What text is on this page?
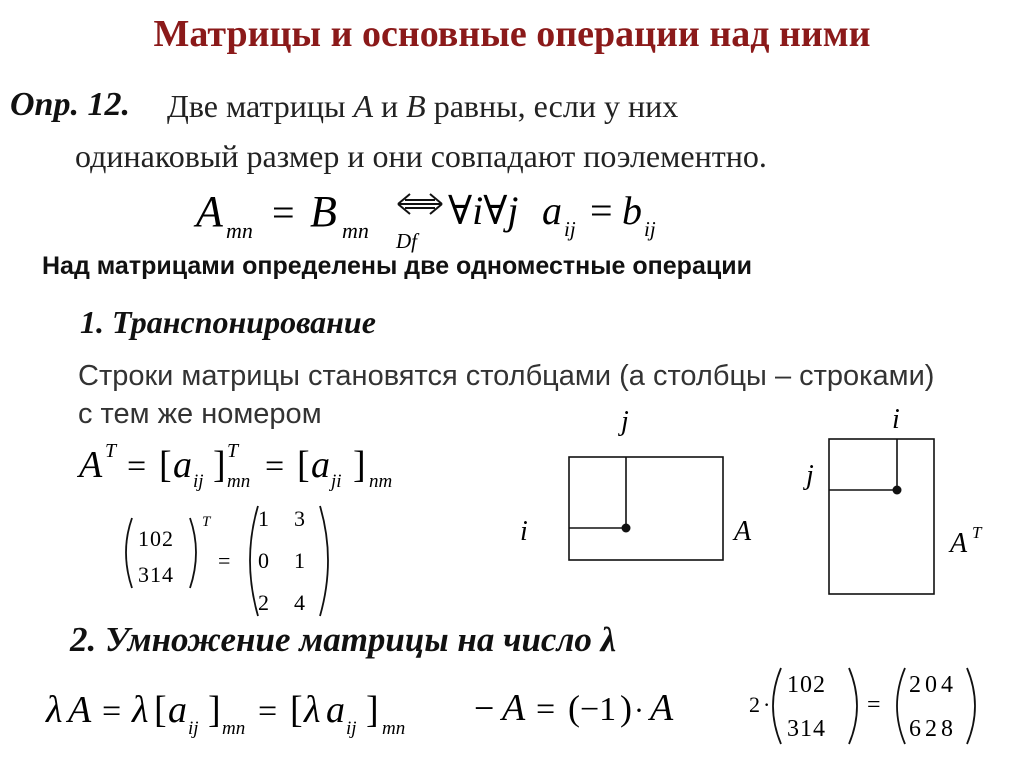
Матрицы и основные операции над ними
Опр. 12. Две матрицы A и B равны, если у них
одинаковый размер и они совпадают поэлементно.
A mn = B mn Df
∀i∀j a ij = b ij
Над матрицами определены две одноместные операции
1. Транспонирование
Строки матрицы становятся столбцами (а столбцы – строками)
с тем же номером
A T = [ a ij ] T
mn = [ a ji ] nm
102
314
T
=
1 3
0 1
2 4
j
i	A
i
j
A T
2. Умножение матрицы на число λ
λ A = λ [ a ij ] mn = [ λ a ij ] mn
− A = ( −1 ) · A	2 ·
102
314
=
204
628
